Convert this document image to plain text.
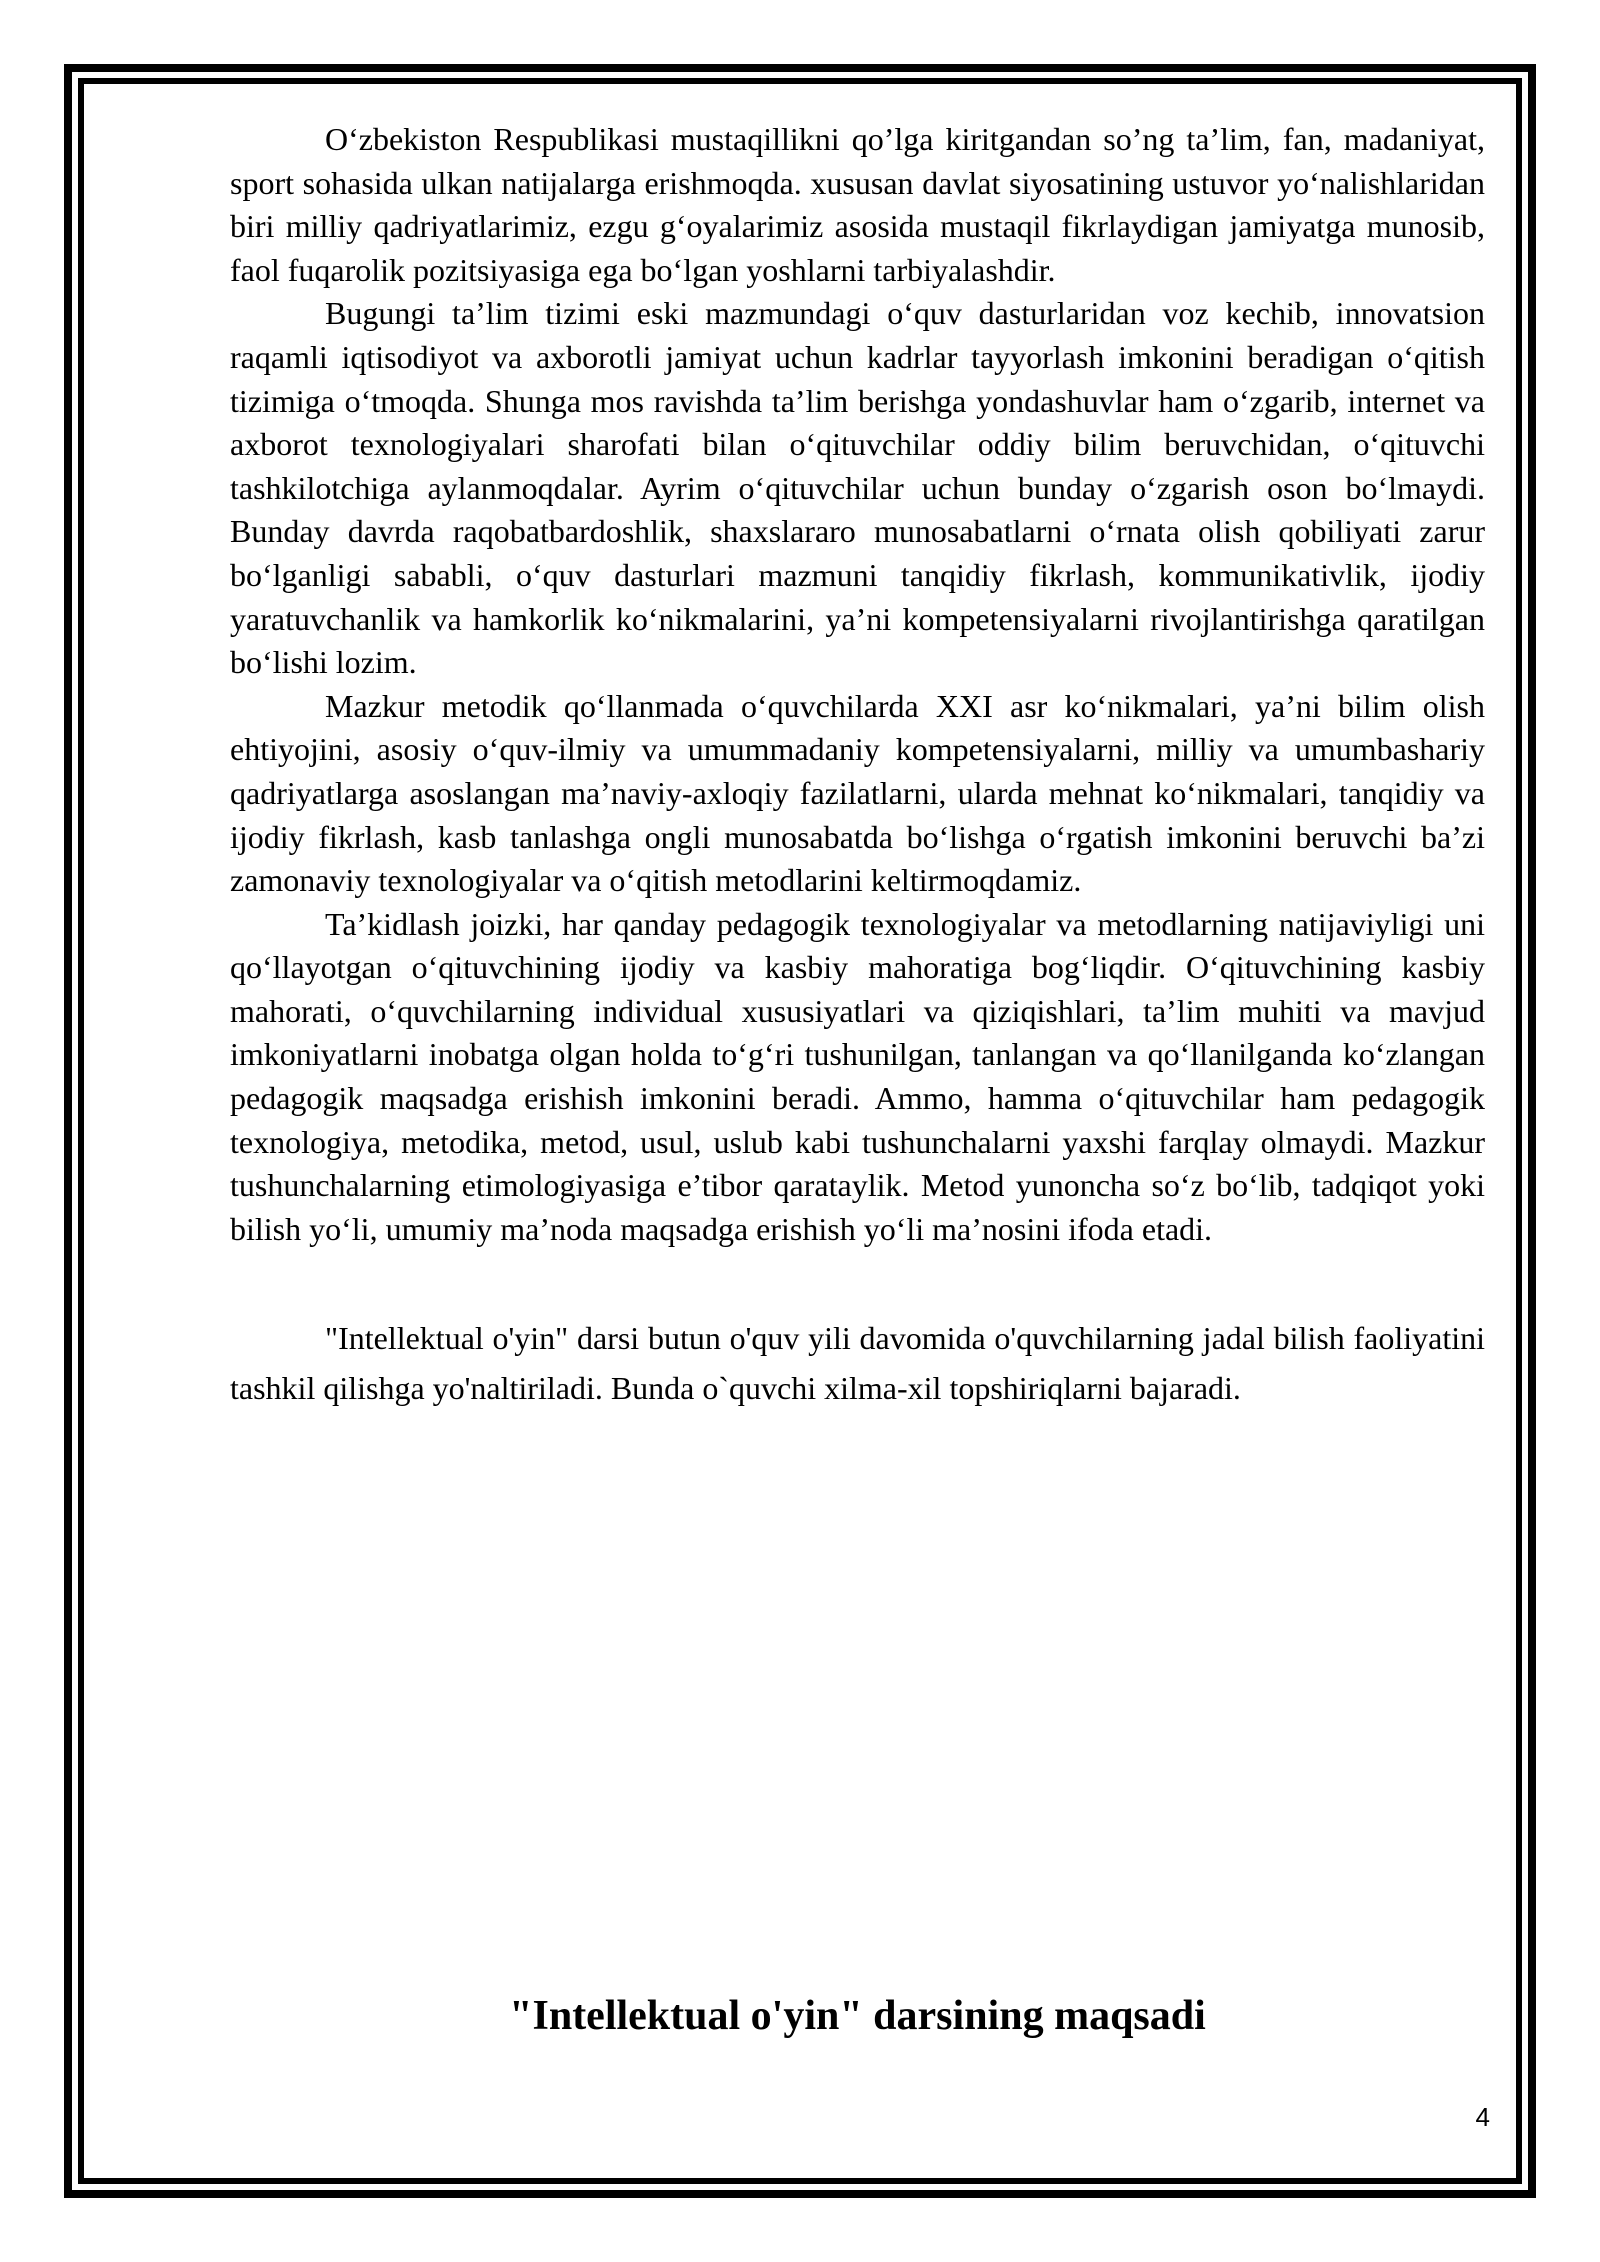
O‘zbekiston Respublikasi mustaqillikni qo’lga kiritgandan so’ng ta’lim, fan, madaniyat, sport sohasida ulkan natijalarga erishmoqda. xususan davlat siyosatining ustuvor yo‘nalishlaridan biri milliy qadriyatlarimiz, ezgu g‘oyalarimiz asosida mustaqil fikrlaydigan jamiyatga munosib, faol fuqarolik pozitsiyasiga ega bo‘lgan yoshlarni tarbiyalashdir.

Bugungi ta’lim tizimi eski mazmundagi o‘quv dasturlaridan voz kechib, innovatsion raqamli iqtisodiyot va axborotli jamiyat uchun kadrlar tayyorlash imkonini beradigan o‘qitish tizimiga o‘tmoqda. Shunga mos ravishda ta’lim berishga yondashuvlar ham o‘zgarib, internet va axborot texnologiyalari sharofati bilan o‘qituvchilar oddiy bilim beruvchidan, o‘qituvchi tashkilotchiga aylanmoqdalar. Ayrim o‘qituvchilar uchun bunday o‘zgarish oson bo‘lmaydi. Bunday davrda raqobatbardoshlik, shaxslararo munosabatlarni o‘rnata olish qobiliyati zarur bo‘lganligi sababli, o‘quv dasturlari mazmuni tanqidiy fikrlash, kommunikativlik, ijodiy yaratuvchanlik va hamkorlik ko‘nikmalarini, ya’ni kompetensiyalarni rivojlantirishga qaratilgan bo‘lishi lozim.

Mazkur metodik qo‘llanmada o‘quvchilarda XXI asr ko‘nikmalari, ya’ni bilim olish ehtiyojini, asosiy o‘quv-ilmiy va umummadaniy kompetensiyalarni, milliy va umumbashariy qadriyatlarga asoslangan ma’naviy-axloqiy fazilatlarni, ularda mehnat ko‘nikmalari, tanqidiy va ijodiy fikrlash, kasb tanlashga ongli munosabatda bo‘lishga o‘rgatish imkonini beruvchi ba’zi zamonaviy texnologiyalar va o‘qitish metodlarini keltirmoqdamiz.

Ta’kidlash joizki, har qanday pedagogik texnologiyalar va metodlarning natijaviyligi uni qo‘llayotgan o‘qituvchining ijodiy va kasbiy mahoratiga bog‘liqdir. O‘qituvchining kasbiy mahorati, o‘quvchilarning individual xususiyatlari va qiziqishlari, ta’lim muhiti va mavjud imkoniyatlarni inobatga olgan holda to‘g‘ri tushunilgan, tanlangan va qo‘llanilganda ko‘zlangan pedagogik maqsadga erishish imkonini beradi. Ammo, hamma o‘qituvchilar ham pedagogik texnologiya, metodika, metod, usul, uslub kabi tushunchalarni yaxshi farqlay olmaydi. Mazkur tushunchalarning etimologiyasiga e’tibor qarataylik. Metod yunoncha so‘z bo‘lib, tadqiqot yoki bilish yo‘li, umumiy ma’noda maqsadga erishish yo‘li ma’nosini ifoda etadi.

"Intellektual o'yin" darsi butun o'quv yili davomida o'quvchilarning jadal bilish faoliyatini tashkil qilishga yo'naltiriladi. Bunda o`quvchi xilma-xil topshiriqlarni bajaradi.

"Intellektual o'yin" darsining maqsadi
4
